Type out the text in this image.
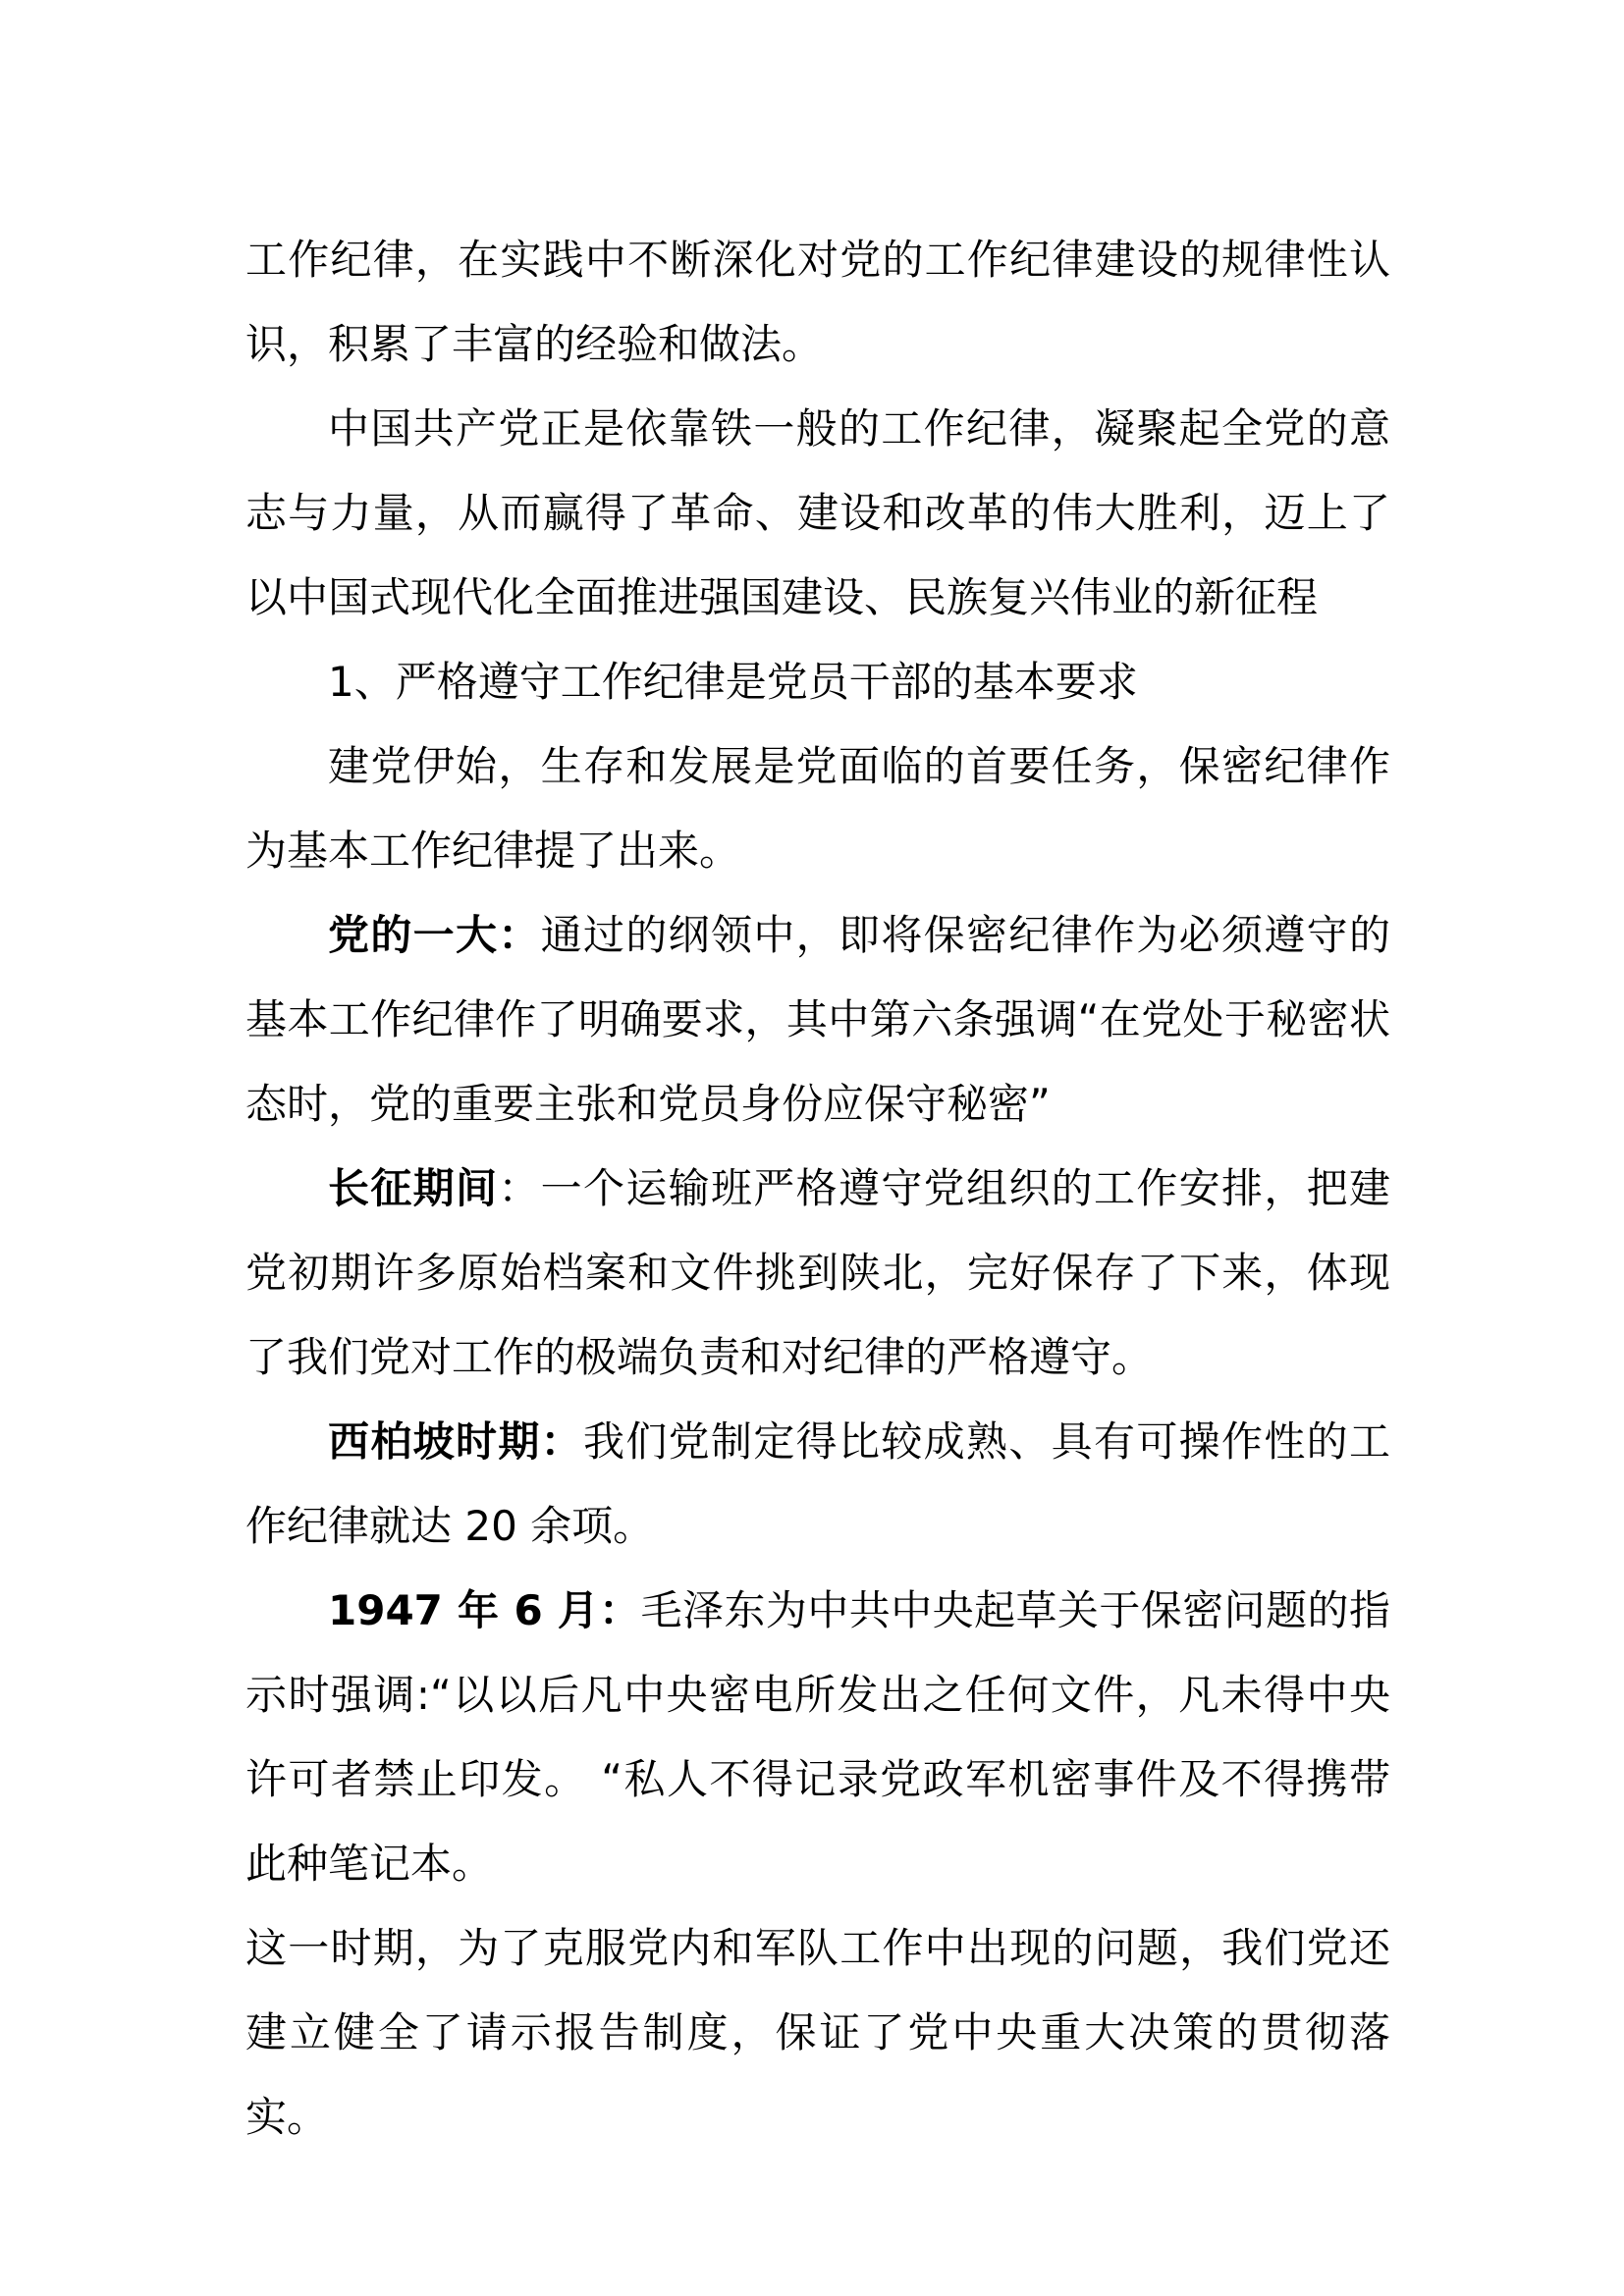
工作纪律，在实践中不断深化对党的工作纪律建设的规律性认识，积累了丰富的经验和做法。

中国共产党正是依靠铁一般的工作纪律，凝聚起全党的意志与力量，从而赢得了革命、建设和改革的伟大胜利，迈上了以中国式现代化全面推进强国建设、民族复兴伟业的新征程

1、严格遵守工作纪律是党员干部的基本要求

建党伊始，生存和发展是党面临的首要任务，保密纪律作为基本工作纪律提了出来。

党的一大：通过的纲领中，即将保密纪律作为必须遵守的基本工作纪律作了明确要求，其中第六条强调“在党处于秘密状态时，党的重要主张和党员身份应保守秘密”

长征期间：一个运输班严格遵守党组织的工作安排，把建党初期许多原始档案和文件挑到陕北，完好保存了下来，体现了我们党对工作的极端负责和对纪律的严格遵守。

西柏坡时期：我们党制定得比较成熟、具有可操作性的工作纪律就达 20 余项。

1947 年 6 月：毛泽东为中共中央起草关于保密问题的指示时强调:“以以后凡中央密电所发出之任何文件，凡未得中央许可者禁止印发。 “私人不得记录党政军机密事件及不得携带此种笔记本。

这一时期，为了克服党内和军队工作中出现的问题，我们党还建立健全了请示报告制度，保证了党中央重大决策的贯彻落实。
